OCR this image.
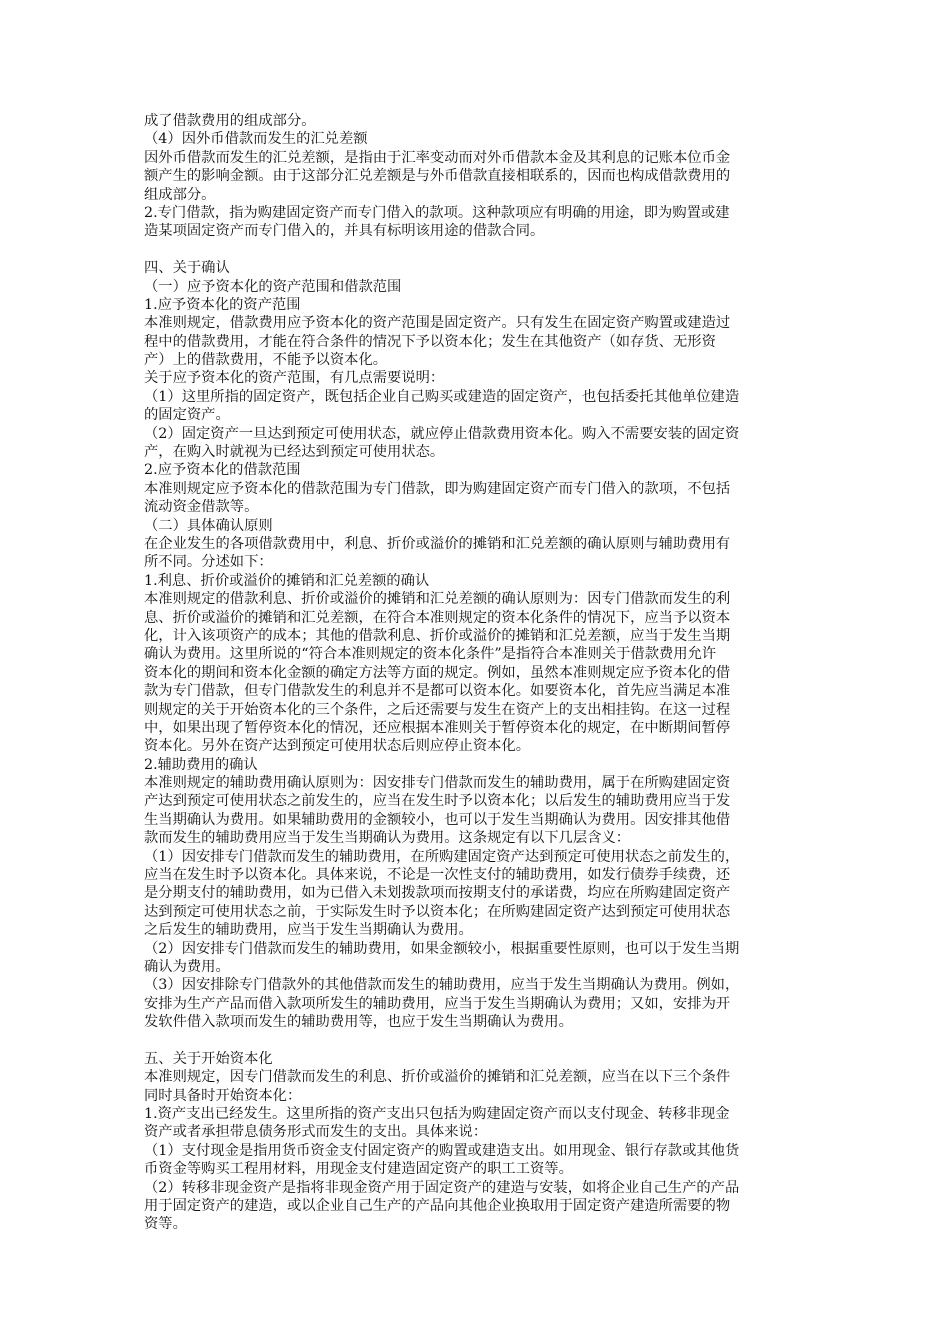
成了借款费用的组成部分。
（4）因外币借款而发生的汇兑差额
因外币借款而发生的汇兑差额，是指由于汇率变动而对外币借款本金及其利息的记账本位币金
额产生的影响金额。由于这部分汇兑差额是与外币借款直接相联系的，因而也构成借款费用的
组成部分。
2.专门借款，指为购建固定资产而专门借入的款项。这种款项应有明确的用途，即为购置或建
造某项固定资产而专门借入的，并具有标明该用途的借款合同。
四、关于确认
（一）应予资本化的资产范围和借款范围
1.应予资本化的资产范围
本准则规定，借款费用应予资本化的资产范围是固定资产。只有发生在固定资产购置或建造过
程中的借款费用，才能在符合条件的情况下予以资本化；发生在其他资产（如存货、无形资
产）上的借款费用，不能予以资本化。
关于应予资本化的资产范围，有几点需要说明：
（1）这里所指的固定资产，既包括企业自己购买或建造的固定资产，也包括委托其他单位建造
的固定资产。
（2）固定资产一旦达到预定可使用状态，就应停止借款费用资本化。购入不需要安装的固定资
产，在购入时就视为已经达到预定可使用状态。
2.应予资本化的借款范围
本准则规定应予资本化的借款范围为专门借款，即为购建固定资产而专门借入的款项，不包括
流动资金借款等。
（二）具体确认原则
在企业发生的各项借款费用中，利息、折价或溢价的摊销和汇兑差额的确认原则与辅助费用有
所不同。分述如下：
1.利息、折价或溢价的摊销和汇兑差额的确认
本准则规定的借款利息、折价或溢价的摊销和汇兑差额的确认原则为：因专门借款而发生的利
息、折价或溢价的摊销和汇兑差额，在符合本准则规定的资本化条件的情况下，应当予以资本
化，计入该项资产的成本；其他的借款利息、折价或溢价的摊销和汇兑差额，应当于发生当期
确认为费用。这里所说的“符合本准则规定的资本化条件”是指符合本准则关于借款费用允许
资本化的期间和资本化金额的确定方法等方面的规定。例如，虽然本准则规定应予资本化的借
款为专门借款，但专门借款发生的利息并不是都可以资本化。如要资本化，首先应当满足本准
则规定的关于开始资本化的三个条件，之后还需要与发生在资产上的支出相挂钩。在这一过程
中，如果出现了暂停资本化的情况，还应根据本准则关于暂停资本化的规定，在中断期间暂停
资本化。另外在资产达到预定可使用状态后则应停止资本化。
2.辅助费用的确认
本准则规定的辅助费用确认原则为：因安排专门借款而发生的辅助费用，属于在所购建固定资
产达到预定可使用状态之前发生的，应当在发生时予以资本化；以后发生的辅助费用应当于发
生当期确认为费用。如果辅助费用的金额较小，也可以于发生当期确认为费用。因安排其他借
款而发生的辅助费用应当于发生当期确认为费用。这条规定有以下几层含义：
（1）因安排专门借款而发生的辅助费用，在所购建固定资产达到预定可使用状态之前发生的，
应当在发生时予以资本化。具体来说，不论是一次性支付的辅助费用，如发行债券手续费，还
是分期支付的辅助费用，如为已借入未划拨款项而按期支付的承诺费，均应在所购建固定资产
达到预定可使用状态之前，于实际发生时予以资本化；在所购建固定资产达到预定可使用状态
之后发生的辅助费用，应当于发生当期确认为费用。
（2）因安排专门借款而发生的辅助费用，如果金额较小，根据重要性原则，也可以于发生当期
确认为费用。
（3）因安排除专门借款外的其他借款而发生的辅助费用，应当于发生当期确认为费用。例如，
安排为生产产品而借入款项所发生的辅助费用，应当于发生当期确认为费用；又如，安排为开
发软件借入款项而发生的辅助费用等，也应于发生当期确认为费用。
五、关于开始资本化
本准则规定，因专门借款而发生的利息、折价或溢价的摊销和汇兑差额，应当在以下三个条件
同时具备时开始资本化：
1.资产支出已经发生。这里所指的资产支出只包括为购建固定资产而以支付现金、转移非现金
资产或者承担带息债务形式而发生的支出。具体来说：
（1）支付现金是指用货币资金支付固定资产的购置或建造支出。如用现金、银行存款或其他货
币资金等购买工程用材料，用现金支付建造固定资产的职工工资等。
（2）转移非现金资产是指将非现金资产用于固定资产的建造与安装，如将企业自己生产的产品
用于固定资产的建造，或以企业自己生产的产品向其他企业换取用于固定资产建造所需要的物
资等。
